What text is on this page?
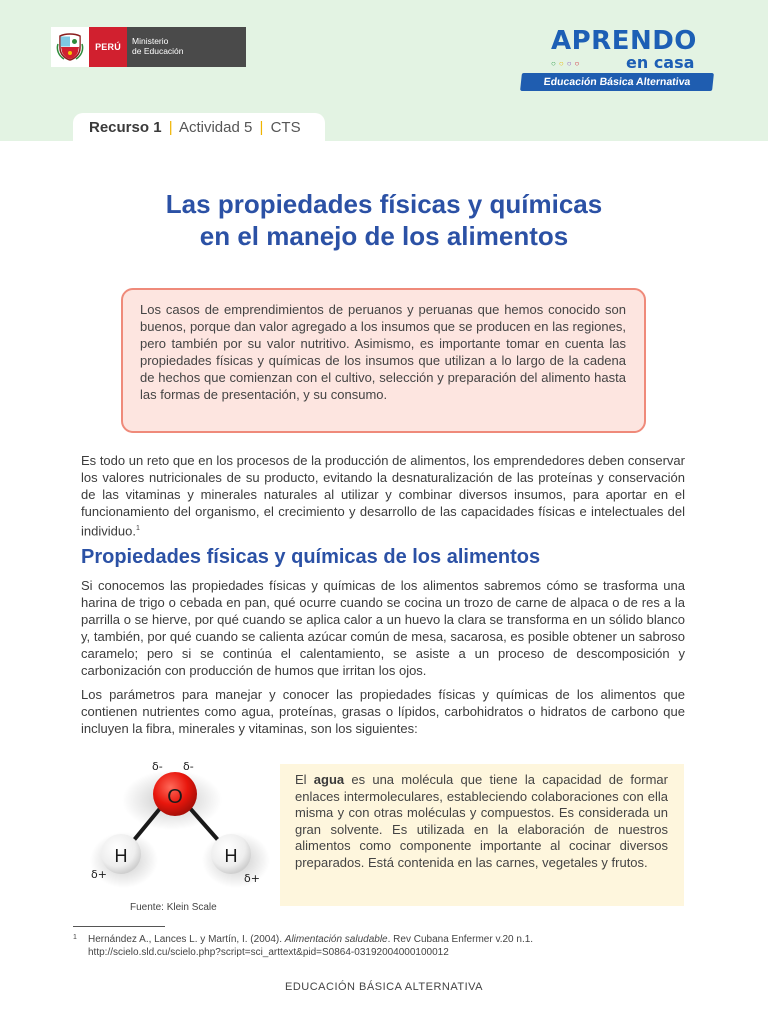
PERÚ
Ministerio
de Educación	APRENDO
○○○○	en casa
Educación Básica Alternativa
Recurso 1 | Actividad 5 | CTS
Las propiedades físicas y químicas
en el manejo de los alimentos
Los casos de emprendimientos de peruanos y peruanas que hemos conocido son buenos, porque dan valor agregado a los insumos que se producen en las regiones, pero también por su valor nutritivo. Asimismo, es importante tomar en cuenta las propiedades físicas y químicas de los insumos que utilizan a lo largo de la cadena de hechos que comienzan con el cultivo, selección y preparación del alimento hasta las formas de presentación, y su consumo.

Es todo un reto que en los procesos de la producción de alimentos, los emprendedores deben conservar los valores nutricionales de su producto, evitando la desnaturalización de las proteínas y conservación de las vitaminas y minerales naturales al utilizar y combinar diversos insumos, para aportar en el funcionamiento del organismo, el crecimiento y desarrollo de las capacidades físicas e intelectuales del individuo.$^1$

Propiedades físicas y químicas de los alimentos

Si conocemos las propiedades físicas y químicas de los alimentos sabremos cómo se trasforma una harina de trigo o cebada en pan, qué ocurre cuando se cocina un trozo de carne de alpaca o de res a la parrilla o se hierve, por qué cuando se aplica calor a un huevo la clara se transforma en un sólido blanco y, también, por qué cuando se calienta azúcar común de mesa, sacarosa, es posible obtener un sabroso caramelo; pero si se continúa el calentamiento, se asiste a un proceso de descomposición y carbonización con producción de humos que irritan los ojos.

Los parámetros para manejar y conocer las propiedades físicas y químicas de los alimentos que contienen nutrientes como agua, proteínas, grasas o lípidos, carbohidratos o hidratos de carbono que incluyen la fibra, minerales y vitaminas, son los siguientes:

O
H	H
δ- δ-
δ+	δ+
Fuente: Klein Scale
El agua es una molécula que tiene la capacidad de formar enlaces intermoleculares, estableciendo colaboraciones con ella misma y con otras moléculas y compuestos. Es considerada un gran solvente. Es utilizada en la elaboración de nuestros alimentos como componente importante al cocinar diversos preparados. Está contenida en las carnes, vegetales y frutos.
1 Hernández A., Lances L. y Martín, I. (2004). Alimentación saludable. Rev Cubana Enfermer v.20 n.1.
http://scielo.sld.cu/scielo.php?script=sci_arttext&pid=S0864-03192004000100012
EDUCACIÓN BÁSICA ALTERNATIVA
